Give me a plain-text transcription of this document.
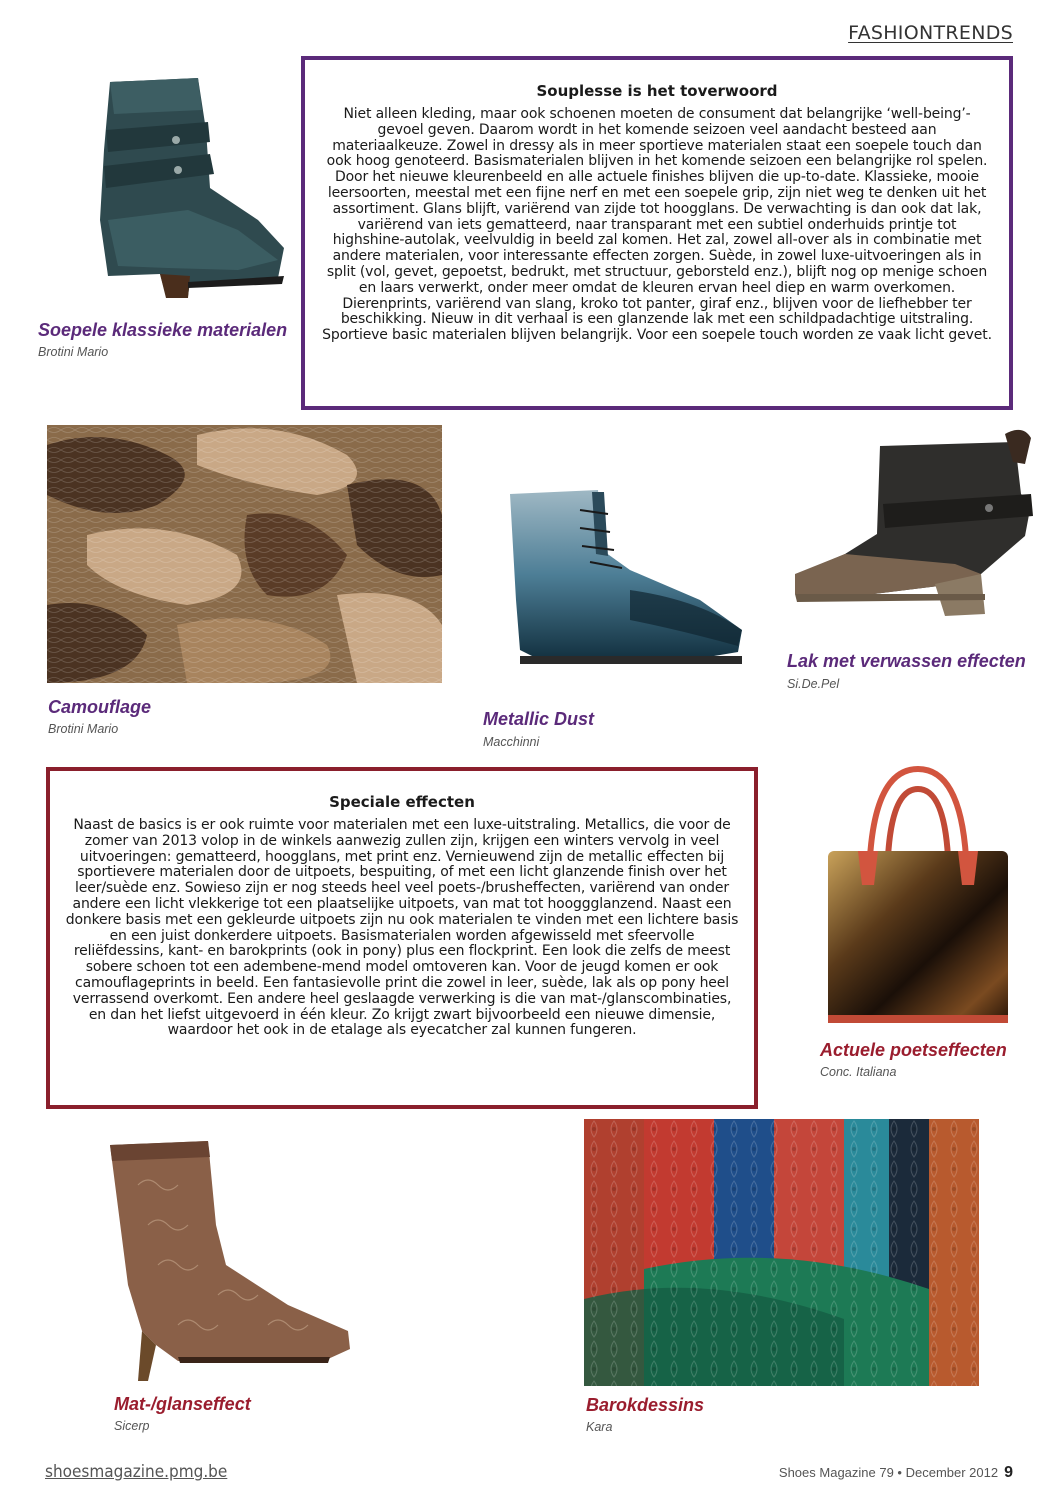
FASHIONTRENDS
Soepele klassieke materialen
Brotini Mario
Souplesse is het toverwoord
Niet alleen kleding, maar ook schoenen moeten de consument dat belangrijke ‘well-being’- gevoel geven. Daarom wordt in het komende seizoen veel aandacht besteed aan materiaalkeuze. Zowel in dressy als in meer sportieve materialen staat een soepele touch dan ook hoog genoteerd. Basismaterialen blijven in het komende seizoen een belangrijke rol spelen. Door het nieuwe kleurenbeeld en alle actuele finishes blijven die up-to-date. Klassieke, mooie leersoorten, meestal met een fijne nerf en met een soepele grip, zijn niet weg te denken uit het assortiment. Glans blijft, variërend van zijde tot hoogglans. De verwachting is dan ook dat lak, variërend van iets gematteerd, naar transparant met een subtiel onderhuids printje tot highshine-autolak, veelvuldig in beeld zal komen. Het zal, zowel all-over als in combinatie met andere materialen, voor interessante effecten zorgen. Suède, in zowel luxe-uitvoeringen als in split (vol, gevet, gepoetst, bedrukt, met structuur, geborsteld enz.), blijft nog op menige schoen en laars verwerkt, onder meer omdat de kleuren ervan heel diep en warm overkomen. Dierenprints, variërend van slang, kroko tot panter, giraf enz., blijven voor de liefhebber ter beschikking. Nieuw in dit verhaal is een glanzende lak met een schildpadachtige uitstraling. Sportieve basic materialen blijven belangrijk. Voor een soepele touch worden ze vaak licht gevet.
Camouflage
Brotini Mario	Metallic Dust
Macchinni
Lak met verwassen effecten
Si.De.Pel
Speciale effecten
Naast de basics is er ook ruimte voor materialen met een luxe-uitstraling. Metallics, die voor de zomer van 2013 volop in de winkels aanwezig zullen zijn, krijgen een winters vervolg in veel uitvoeringen: gematteerd, hoogglans, met print enz. Vernieuwend zijn de metallic effecten bij sportievere materialen door de uitpoets, bespuiting, of met een licht glanzende finish over het leer/suède enz. Sowieso zijn er nog steeds heel veel poets-/brusheffecten, variërend van onder andere een licht vlekkerige tot een plaatselijke uitpoets, van mat tot hooggglanzend. Naast een donkere basis met een gekleurde uitpoets zijn nu ook materialen te vinden met een lichtere basis en een juist donkerdere uitpoets. Basismaterialen worden afgewisseld met sfeervolle reliëfdessins, kant- en barokprints (ook in pony) plus een flockprint. Een look die zelfs de meest sobere schoen tot een adembene-mend model omtoveren kan. Voor de jeugd komen er ook camouflageprints in beeld. Een fantasievolle print die zowel in leer, suède, lak als op pony heel verrassend overkomt. Een andere heel geslaagde verwerking is die van mat-/glanscombinaties, en dan het liefst uitgevoerd in één kleur. Zo krijgt zwart bijvoorbeeld een nieuwe dimensie, waardoor het ook in de etalage als eyecatcher zal kunnen fungeren.
Actuele poetseffecten
Conc. Italiana
Mat-/glanseffect
Sicerp
Barokdessins
Kara
shoesmagazine.pmg.be	Shoes Magazine 79 • December 2012 9
